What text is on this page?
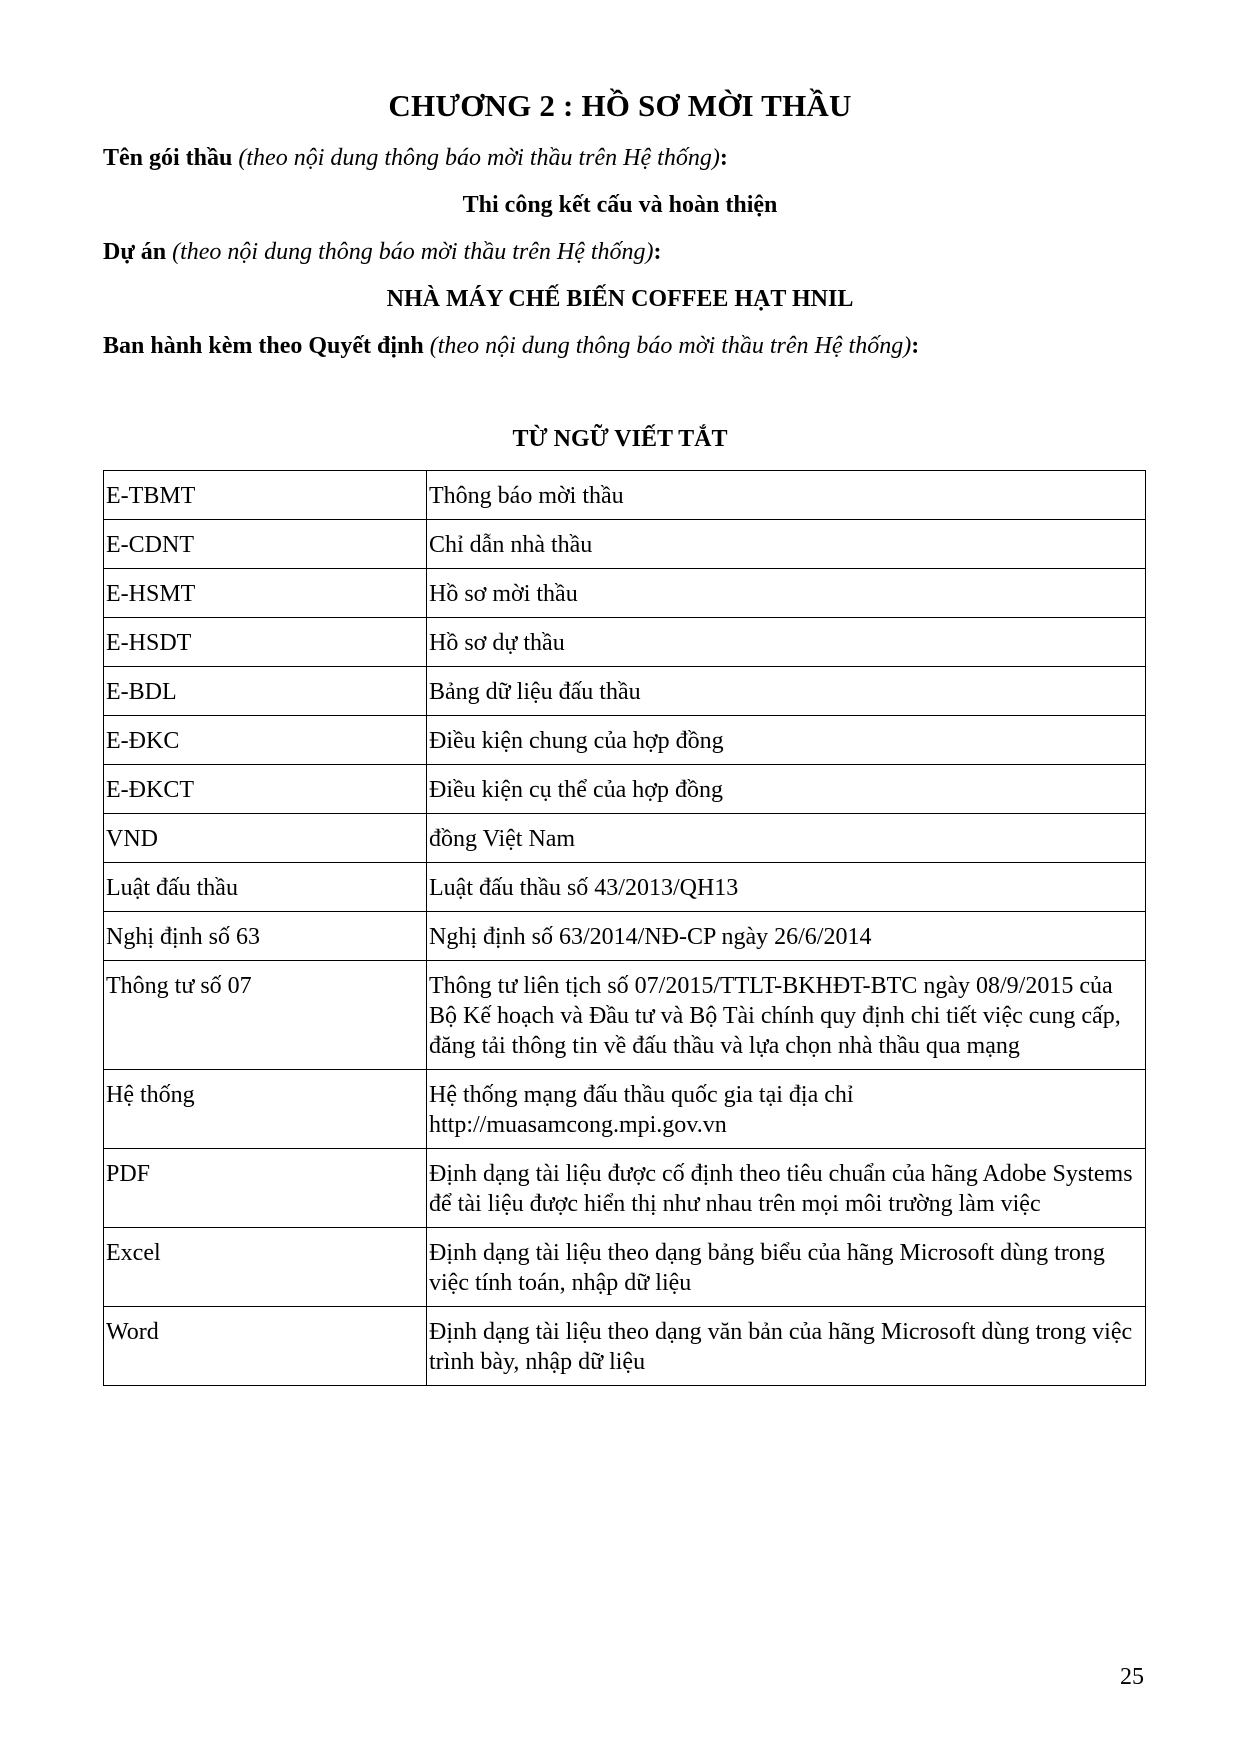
CHƯƠNG 2 : HỒ SƠ MỜI THẦU
Tên gói thầu (theo nội dung thông báo mời thầu trên Hệ thống):
Thi công kết cấu và hoàn thiện
Dự án (theo nội dung thông báo mời thầu trên Hệ thống):
NHÀ MÁY CHẾ BIẾN COFFEE HẠT HNIL
Ban hành kèm theo Quyết định (theo nội dung thông báo mời thầu trên Hệ thống):
TỪ NGỮ VIẾT TẮT
E-TBMT	Thông báo mời thầu
E-CDNT	Chỉ dẫn nhà thầu
E-HSMT	Hồ sơ mời thầu
E-HSDT	Hồ sơ dự thầu
E-BDL	Bảng dữ liệu đấu thầu
E-ĐKC	Điều kiện chung của hợp đồng
E-ĐKCT	Điều kiện cụ thể của hợp đồng
VND	đồng Việt Nam
Luật đấu thầu	Luật đấu thầu số 43/2013/QH13
Nghị định số 63	Nghị định số 63/2014/NĐ-CP ngày 26/6/2014
Thông tư số 07	Thông tư liên tịch số 07/2015/TTLT-BKHĐT-BTC ngày 08/9/2015 của Bộ Kế hoạch và Đầu tư và Bộ Tài chính quy định chi tiết việc cung cấp, đăng tải thông tin về đấu thầu và lựa chọn nhà thầu qua mạng
Hệ thống	Hệ thống mạng đấu thầu quốc gia tại địa chỉ http://muasamcong.mpi.gov.vn
PDF	Định dạng tài liệu được cố định theo tiêu chuẩn của hãng Adobe Systems để tài liệu được hiển thị như nhau trên mọi môi trường làm việc
Excel	Định dạng tài liệu theo dạng bảng biểu của hãng Microsoft dùng trong việc tính toán, nhập dữ liệu
Word	Định dạng tài liệu theo dạng văn bản của hãng Microsoft dùng trong việc trình bày, nhập dữ liệu
25
